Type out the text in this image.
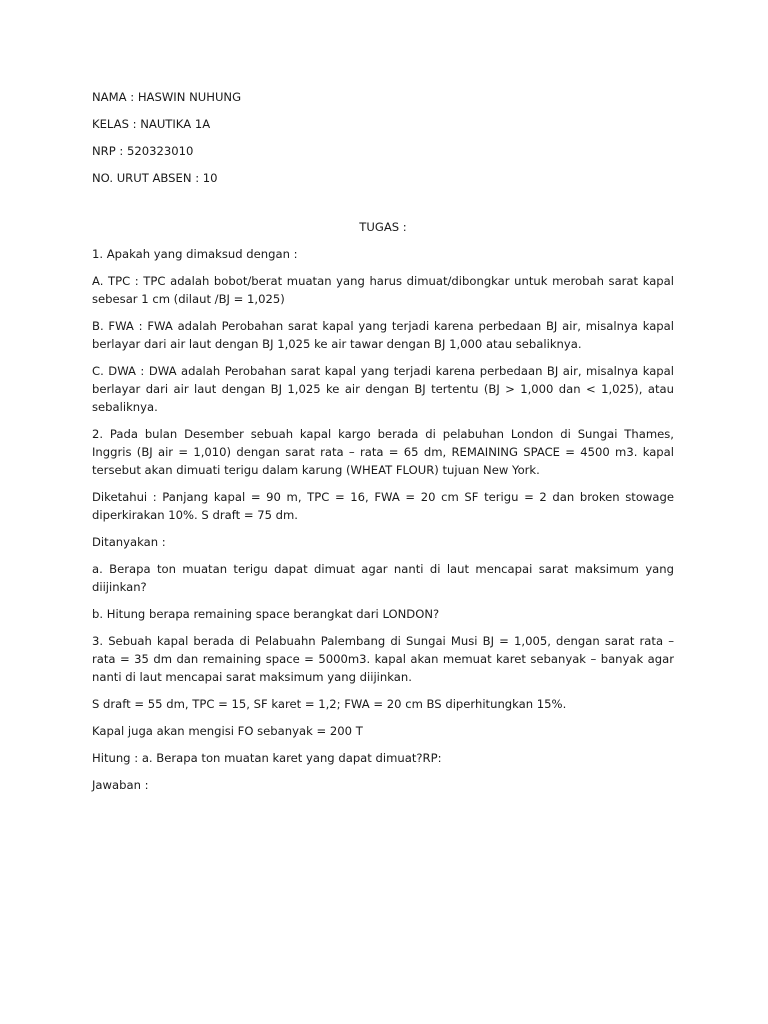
NAMA : HASWIN NUHUNG

KELAS : NAUTIKA 1A

NRP : 520323010

NO. URUT ABSEN : 10

TUGAS :

1. Apakah yang dimaksud dengan :

A. TPC : TPC adalah bobot/berat muatan yang harus dimuat/dibongkar untuk merobah sarat kapal sebesar 1 cm (dilaut /BJ = 1,025)

B. FWA : FWA adalah Perobahan sarat kapal yang terjadi karena perbedaan BJ air, misalnya kapal berlayar dari air laut dengan BJ 1,025 ke air tawar dengan BJ 1,000 atau sebaliknya.

C. DWA : DWA adalah Perobahan sarat kapal yang terjadi karena perbedaan BJ air, misalnya kapal berlayar dari air laut dengan BJ 1,025 ke air dengan BJ tertentu (BJ > 1,000 dan < 1,025), atau sebaliknya.

2. Pada bulan Desember sebuah kapal kargo berada di pelabuhan London di Sungai Thames, Inggris (BJ air = 1,010) dengan sarat rata – rata = 65 dm, REMAINING SPACE = 4500 m3. kapal tersebut akan dimuati terigu dalam karung (WHEAT FLOUR) tujuan New York.

Diketahui : Panjang kapal = 90 m, TPC = 16, FWA = 20 cm SF terigu = 2 dan broken stowage diperkirakan 10%. S draft = 75 dm.

Ditanyakan :

a. Berapa ton muatan terigu dapat dimuat agar nanti di laut mencapai sarat maksimum yang diijinkan?

b. Hitung berapa remaining space berangkat dari LONDON?

3. Sebuah kapal berada di Pelabuahn Palembang di Sungai Musi BJ = 1,005, dengan sarat rata – rata = 35 dm dan remaining space = 5000m3. kapal akan memuat karet sebanyak – banyak agar nanti di laut mencapai sarat maksimum yang diijinkan.

S draft = 55 dm, TPC = 15, SF karet = 1,2; FWA = 20 cm BS diperhitungkan 15%.

Kapal juga akan mengisi FO sebanyak = 200 T

Hitung : a. Berapa ton muatan karet yang dapat dimuat?RP:

Jawaban :
